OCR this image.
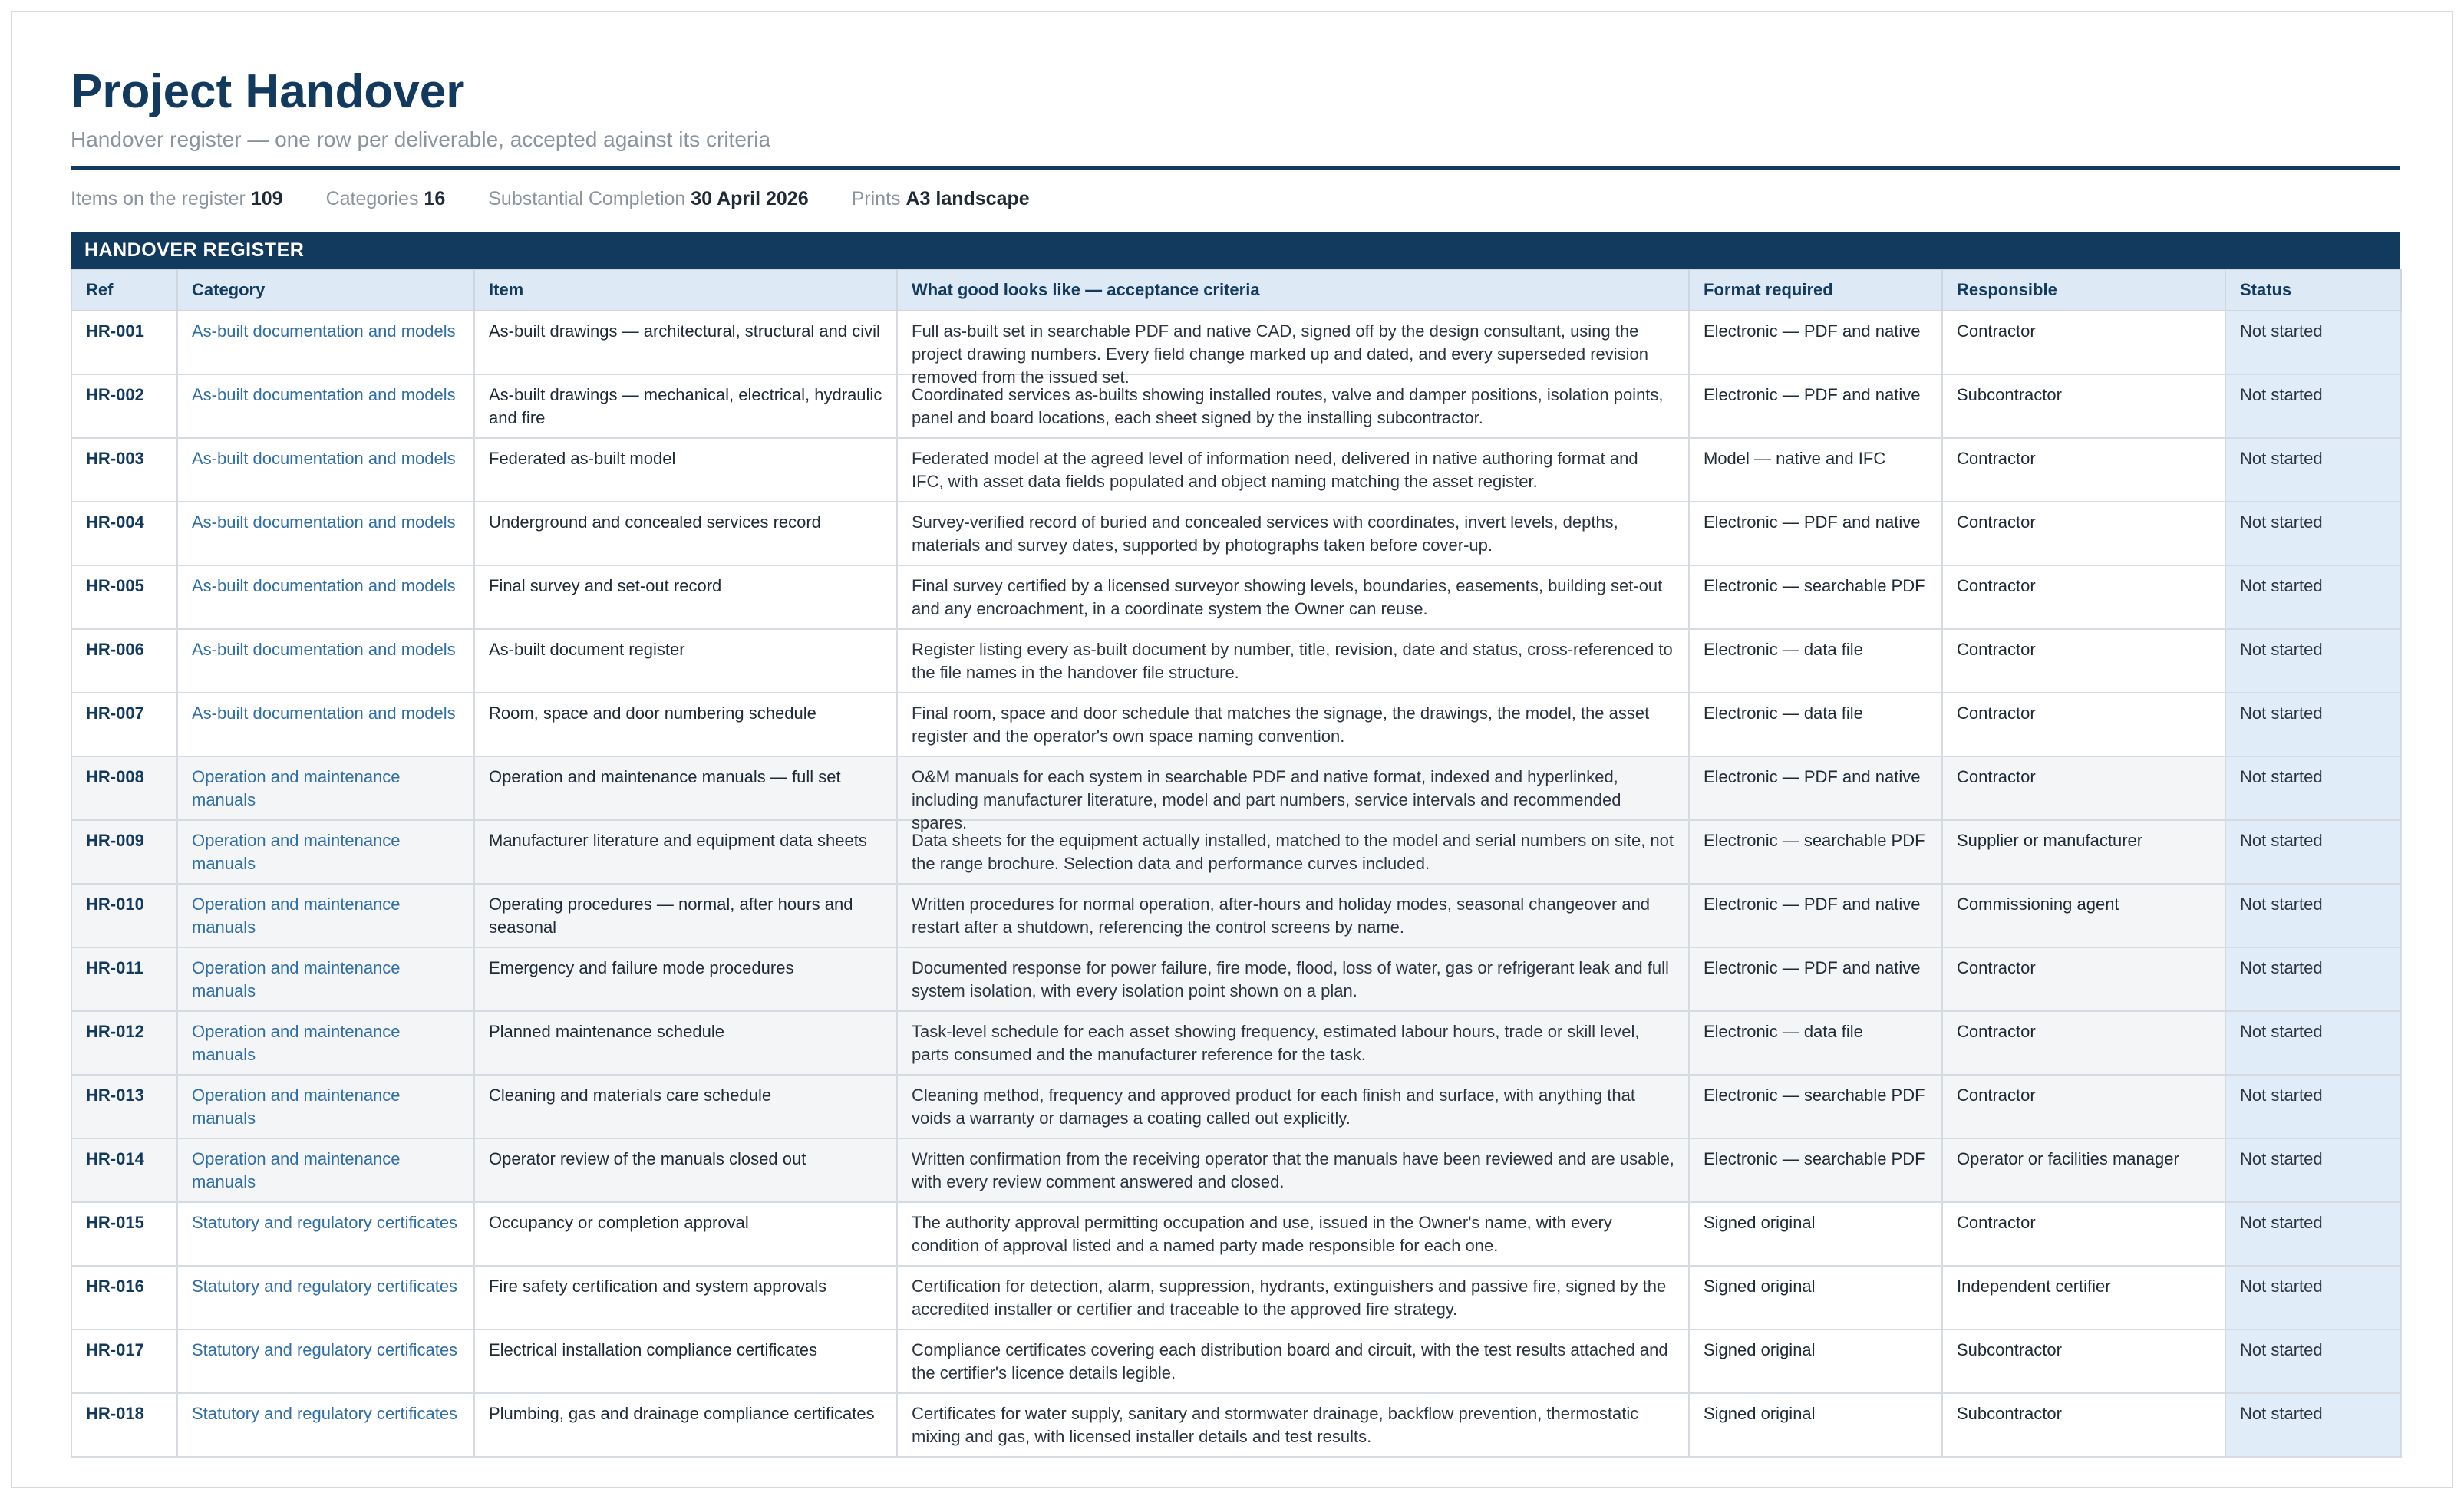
Project Handover
Handover register — one row per deliverable, accepted against its criteria
Items on the register 109 Categories 16 Substantial Completion 30 April 2026 Prints A3 landscape
HANDOVER REGISTER
Ref	Category	Item	What good looks like — acceptance criteria	Format required	Responsible	Status

HR-001	As-built documentation and models	As-built drawings — architectural, structural and civil	Full as-built set in searchable PDF and native CAD, signed off by the design consultant, using the project drawing numbers. Every field change marked up and dated, and every superseded revision removed from the issued set.	Electronic — PDF and native	Contractor	Not started

HR-002	As-built documentation and models	As-built drawings — mechanical, electrical, hydraulic and fire	Coordinated services as-builts showing installed routes, valve and damper positions, isolation points, panel and board locations, each sheet signed by the installing subcontractor.	Electronic — PDF and native	Subcontractor	Not started

HR-003	As-built documentation and models	Federated as-built model	Federated model at the agreed level of information need, delivered in native authoring format and IFC, with asset data fields populated and object naming matching the asset register.	Model — native and IFC	Contractor	Not started

HR-004	As-built documentation and models	Underground and concealed services record	Survey-verified record of buried and concealed services with coordinates, invert levels, depths, materials and survey dates, supported by photographs taken before cover-up.	Electronic — PDF and native	Contractor	Not started

HR-005	As-built documentation and models	Final survey and set-out record	Final survey certified by a licensed surveyor showing levels, boundaries, easements, building set-out and any encroachment, in a coordinate system the Owner can reuse.	Electronic — searchable PDF	Contractor	Not started

HR-006	As-built documentation and models	As-built document register	Register listing every as-built document by number, title, revision, date and status, cross-referenced to the file names in the handover file structure.	Electronic — data file	Contractor	Not started

HR-007	As-built documentation and models	Room, space and door numbering schedule	Final room, space and door schedule that matches the signage, the drawings, the model, the asset register and the operator's own space naming convention.	Electronic — data file	Contractor	Not started

HR-008	Operation and maintenance manuals	Operation and maintenance manuals — full set	O&M manuals for each system in searchable PDF and native format, indexed and hyperlinked, including manufacturer literature, model and part numbers, service intervals and recommended spares.	Electronic — PDF and native	Contractor	Not started

HR-009	Operation and maintenance manuals	Manufacturer literature and equipment data sheets	Data sheets for the equipment actually installed, matched to the model and serial numbers on site, not the range brochure. Selection data and performance curves included.	Electronic — searchable PDF	Supplier or manufacturer	Not started

HR-010	Operation and maintenance manuals	Operating procedures — normal, after hours and seasonal	Written procedures for normal operation, after-hours and holiday modes, seasonal changeover and restart after a shutdown, referencing the control screens by name.	Electronic — PDF and native	Commissioning agent	Not started

HR-011	Operation and maintenance manuals	Emergency and failure mode procedures	Documented response for power failure, fire mode, flood, loss of water, gas or refrigerant leak and full system isolation, with every isolation point shown on a plan.	Electronic — PDF and native	Contractor	Not started

HR-012	Operation and maintenance manuals	Planned maintenance schedule	Task-level schedule for each asset showing frequency, estimated labour hours, trade or skill level, parts consumed and the manufacturer reference for the task.	Electronic — data file	Contractor	Not started

HR-013	Operation and maintenance manuals	Cleaning and materials care schedule	Cleaning method, frequency and approved product for each finish and surface, with anything that voids a warranty or damages a coating called out explicitly.	Electronic — searchable PDF	Contractor	Not started

HR-014	Operation and maintenance manuals	Operator review of the manuals closed out	Written confirmation from the receiving operator that the manuals have been reviewed and are usable, with every review comment answered and closed.	Electronic — searchable PDF	Operator or facilities manager	Not started

HR-015	Statutory and regulatory certificates	Occupancy or completion approval	The authority approval permitting occupation and use, issued in the Owner's name, with every condition of approval listed and a named party made responsible for each one.	Signed original	Contractor	Not started

HR-016	Statutory and regulatory certificates	Fire safety certification and system approvals	Certification for detection, alarm, suppression, hydrants, extinguishers and passive fire, signed by the accredited installer or certifier and traceable to the approved fire strategy.	Signed original	Independent certifier	Not started

HR-017	Statutory and regulatory certificates	Electrical installation compliance certificates	Compliance certificates covering each distribution board and circuit, with the test results attached and the certifier's licence details legible.	Signed original	Subcontractor	Not started

HR-018	Statutory and regulatory certificates	Plumbing, gas and drainage compliance certificates	Certificates for water supply, sanitary and stormwater drainage, backflow prevention, thermostatic mixing and gas, with licensed installer details and test results.	Signed original	Subcontractor	Not started
